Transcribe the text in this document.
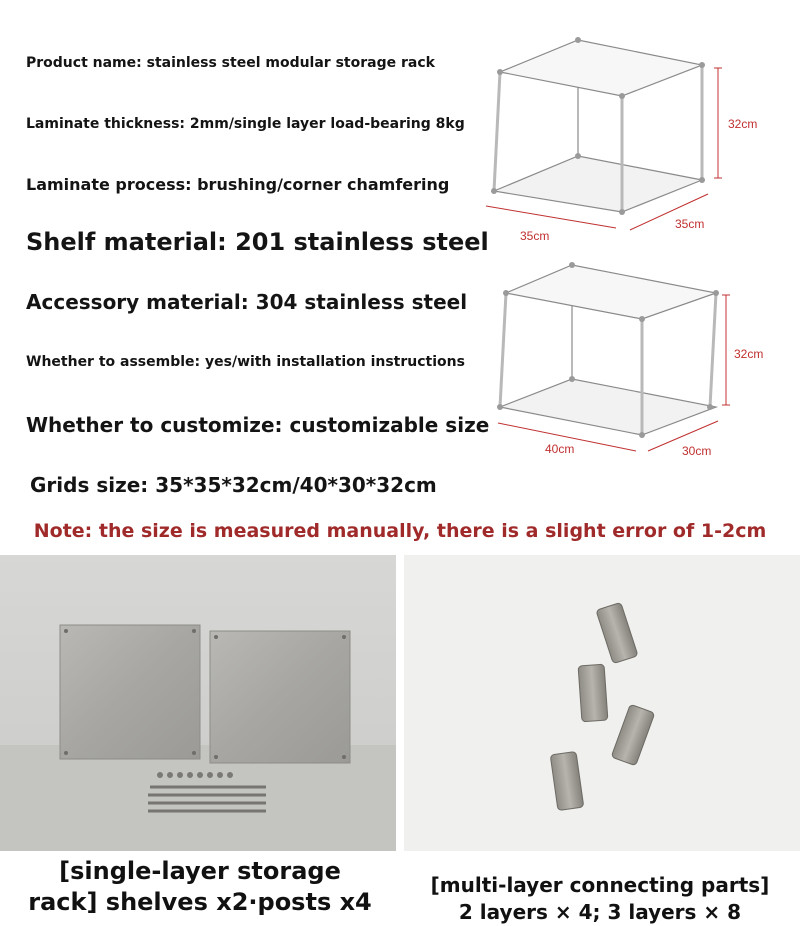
Product name: stainless steel modular storage rack
Laminate thickness: 2mm/single layer load-bearing 8kg
Laminate process: brushing/corner chamfering
Shelf material: 201 stainless steel
Accessory material: 304 stainless steel
Whether to assemble: yes/with installation instructions
Whether to customize: customizable size
Grids size: 35*35*32cm/40*30*32cm
Note: the size is measured manually, there is a slight error of 1-2cm
32cm
35cm
35cm
32cm
40cm	30cm
[single-layer storage
rack] shelves x2·posts x4
[multi-layer connecting parts]
2 layers × 4; 3 layers × 8
